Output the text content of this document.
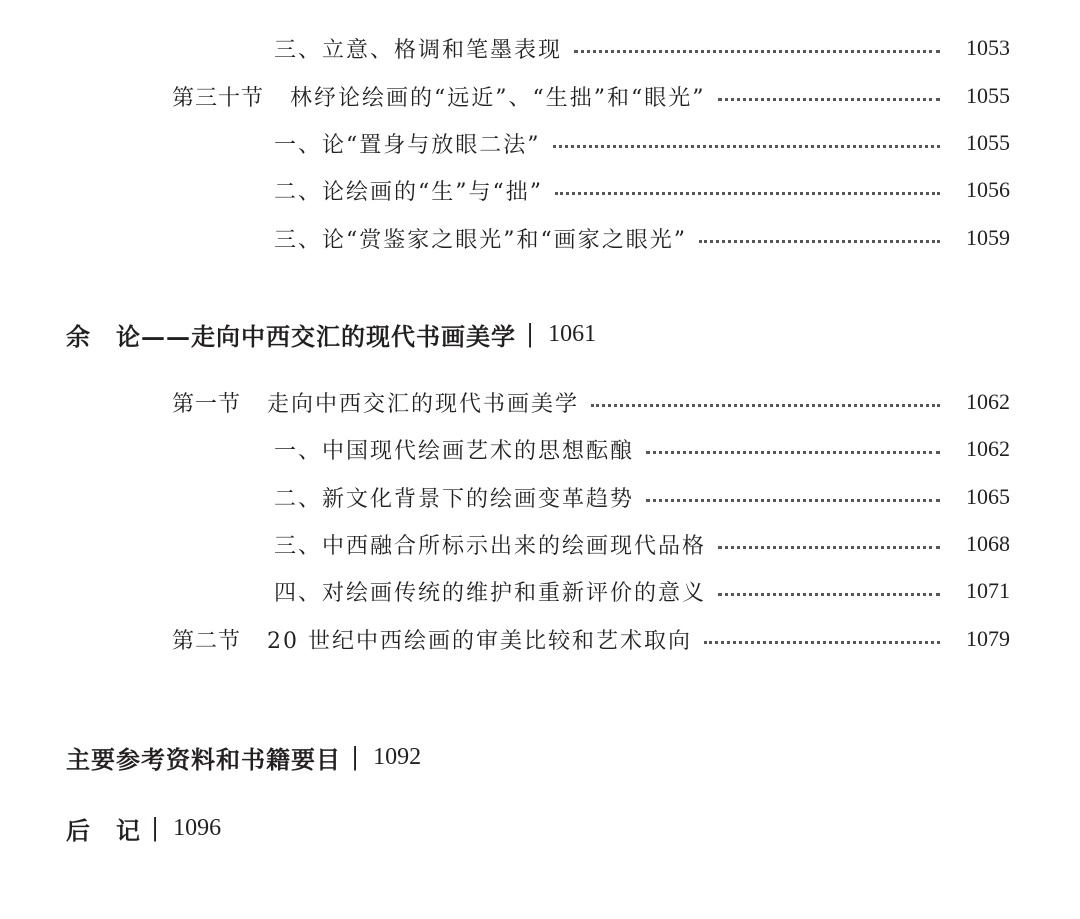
三、立意、格调和笔墨表现	1053
第三十节 林纾论绘画的“远近”、“生拙”和“眼光”	1055
一、论“置身与放眼二法”	1055
二、论绘画的“生”与“拙”	1056
三、论“赏鉴家之眼光”和“画家之眼光”	1059
余　论——走向中西交汇的现代书画美学 | 1061
第一节 走向中西交汇的现代书画美学	1062
一、中国现代绘画艺术的思想酝酿	1062
二、新文化背景下的绘画变革趋势	1065
三、中西融合所标示出来的绘画现代品格	1068
四、对绘画传统的维护和重新评价的意义	1071
第二节 20 世纪中西绘画的审美比较和艺术取向	1079
主要参考资料和书籍要目 | 1092
后　记 | 1096
